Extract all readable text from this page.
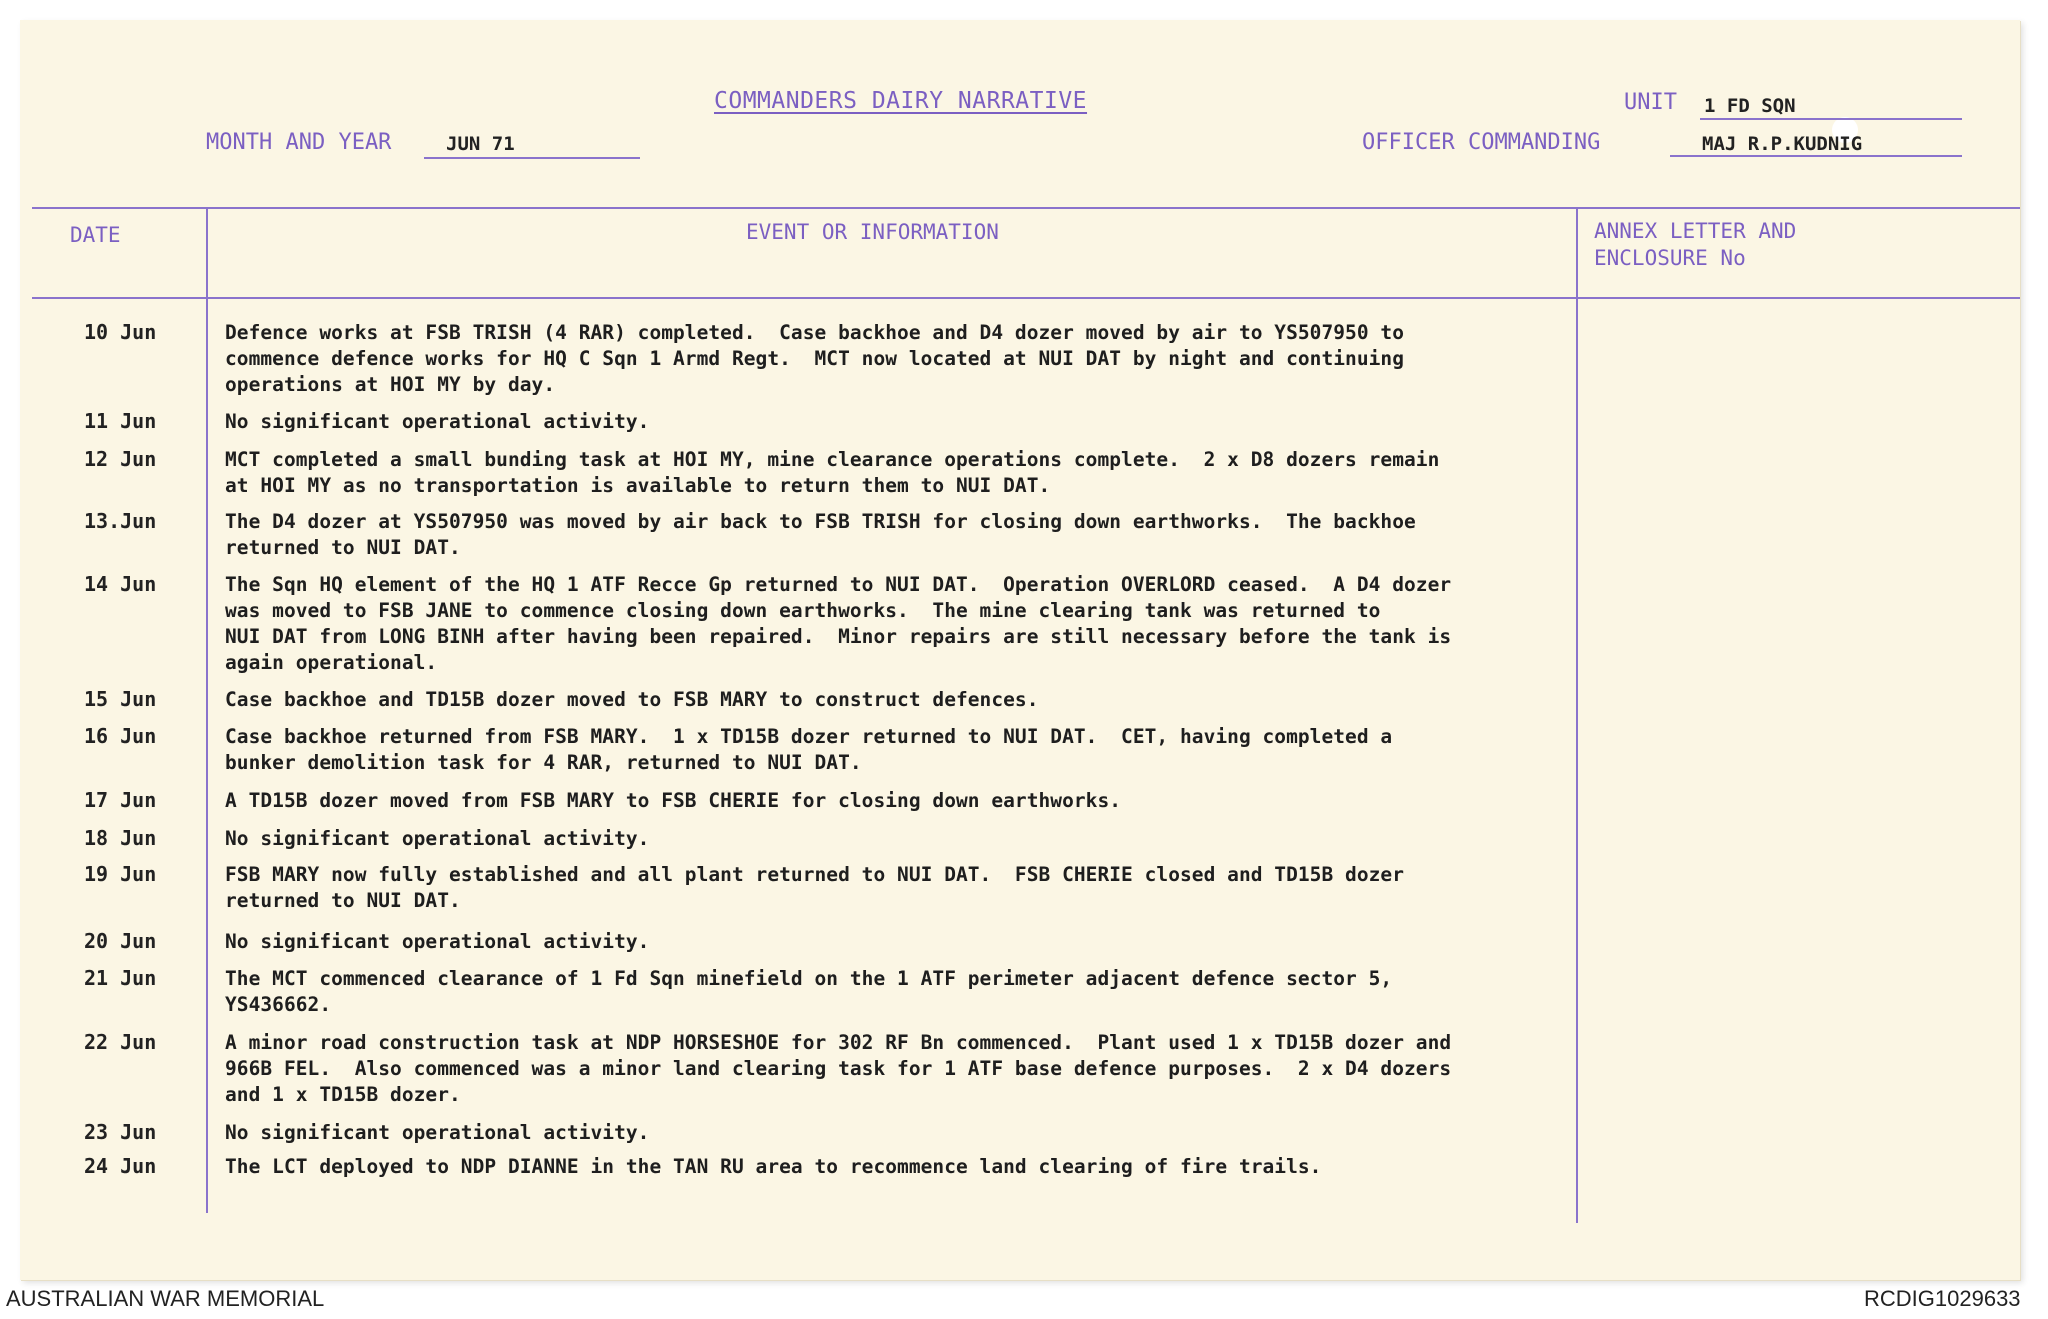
COMMANDERS DAIRY NARRATIVE	UNIT 1 FD SQN
MONTH AND YEAR	JUN 71	OFFICER COMMANDING	MAJ R.P.KUDNIG
DATE	EVENT OR INFORMATION	ANNEX LETTER AND
ENCLOSURE No
10 Jun	Defence works at FSB TRISH (4 RAR) completed.  Case backhoe and D4 dozer moved by air to YS507950 to
commence defence works for HQ C Sqn 1 Armd Regt.  MCT now located at NUI DAT by night and continuing
operations at HOI MY by day.
11 Jun	No significant operational activity.
12 Jun	MCT completed a small bunding task at HOI MY, mine clearance operations complete.  2 x D8 dozers remain
at HOI MY as no transportation is available to return them to NUI DAT.
13.Jun	The D4 dozer at YS507950 was moved by air back to FSB TRISH for closing down earthworks.  The backhoe
returned to NUI DAT.
14 Jun	The Sqn HQ element of the HQ 1 ATF Recce Gp returned to NUI DAT.  Operation OVERLORD ceased.  A D4 dozer
was moved to FSB JANE to commence closing down earthworks.  The mine clearing tank was returned to
NUI DAT from LONG BINH after having been repaired.  Minor repairs are still necessary before the tank is
again operational.
15 Jun	Case backhoe and TD15B dozer moved to FSB MARY to construct defences.
16 Jun	Case backhoe returned from FSB MARY.  1 x TD15B dozer returned to NUI DAT.  CET, having completed a
bunker demolition task for 4 RAR, returned to NUI DAT.
17 Jun	A TD15B dozer moved from FSB MARY to FSB CHERIE for closing down earthworks.
18 Jun	No significant operational activity.
19 Jun	FSB MARY now fully established and all plant returned to NUI DAT.  FSB CHERIE closed and TD15B dozer
returned to NUI DAT.
20 Jun	No significant operational activity.
21 Jun	The MCT commenced clearance of 1 Fd Sqn minefield on the 1 ATF perimeter adjacent defence sector 5,
YS436662.
22 Jun	A minor road construction task at NDP HORSESHOE for 302 RF Bn commenced.  Plant used 1 x TD15B dozer and
966B FEL.  Also commenced was a minor land clearing task for 1 ATF base defence purposes.  2 x D4 dozers
and 1 x TD15B dozer.
23 Jun	No significant operational activity.
24 Jun	The LCT deployed to NDP DIANNE in the TAN RU area to recommence land clearing of fire trails.
AUSTRALIAN WAR MEMORIAL	RCDIG1029633
